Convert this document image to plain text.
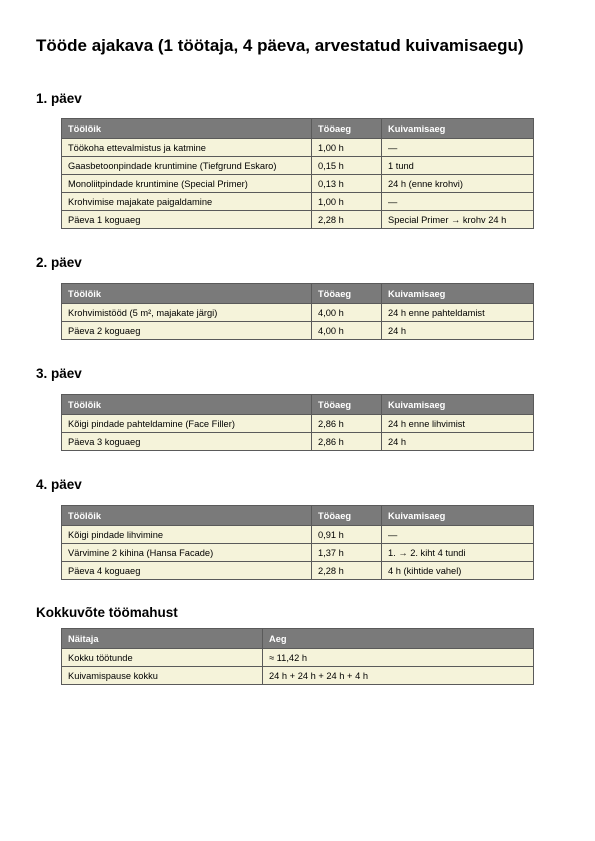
Tööde ajakava (1 töötaja, 4 päeva, arvestatud kuivamisaegu)
1. päev
Töölõik	Tööaeg	Kuivamisaeg
Töökoha ettevalmistus ja katmine	1,00 h	—
Gaasbetoonpindade kruntimine (Tiefgrund Eskaro)	0,15 h	1 tund
Monoliitpindade kruntimine (Special Primer)	0,13 h	24 h (enne krohvi)
Krohvimise majakate paigaldamine	1,00 h	—
Päeva 1 koguaeg	2,28 h	Special Primer → krohv 24 h
2. päev
Töölõik	Tööaeg	Kuivamisaeg
Krohvimistööd (5 m², majakate järgi)	4,00 h	24 h enne pahteldamist
Päeva 2 koguaeg	4,00 h	24 h
3. päev
Töölõik	Tööaeg	Kuivamisaeg
Kõigi pindade pahteldamine (Face Filler)	2,86 h	24 h enne lihvimist
Päeva 3 koguaeg	2,86 h	24 h
4. päev
Töölõik	Tööaeg	Kuivamisaeg
Kõigi pindade lihvimine	0,91 h	—
Värvimine 2 kihina (Hansa Facade)	1,37 h	1. → 2. kiht 4 tundi
Päeva 4 koguaeg	2,28 h	4 h (kihtide vahel)
Kokkuvõte töömahust
Näitaja	Aeg
Kokku töötunde	≈ 11,42 h
Kuivamispause kokku	24 h + 24 h + 24 h + 4 h
